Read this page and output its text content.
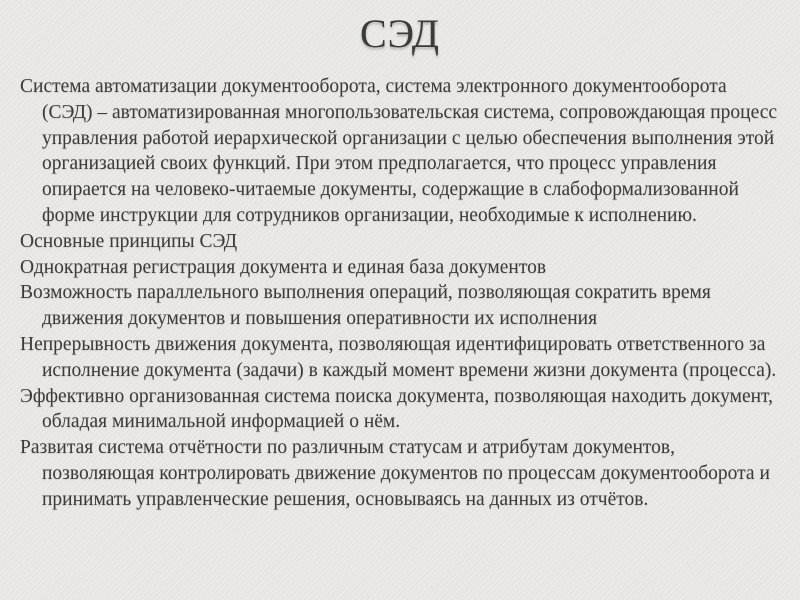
СЭД
Система автоматизации документооборота, система электронного документооборота (СЭД) – автоматизированная многопользовательская система, сопровождающая процесс управления работой иерархической организации с целью обеспечения выполнения этой организацией своих функций. При этом предполагается, что процесс управления опирается на человеко-читаемые документы, содержащие в слабоформализованной форме инструкции для сотрудников организации, необходимые к исполнению.
Основные принципы СЭД
Однократная регистрация документа и единая база документов
Возможность параллельного выполнения операций, позволяющая сократить время движения документов и повышения оперативности их исполнения
Непрерывность движения документа, позволяющая идентифицировать ответственного за исполнение документа (задачи) в каждый момент времени жизни документа (процесса).
Эффективно организованная система поиска документа, позволяющая находить документ, обладая минимальной информацией о нём.
Развитая система отчётности по различным статусам и атрибутам документов, позволяющая контролировать движение документов по процессам документооборота и принимать управленческие решения, основываясь на данных из отчётов.
